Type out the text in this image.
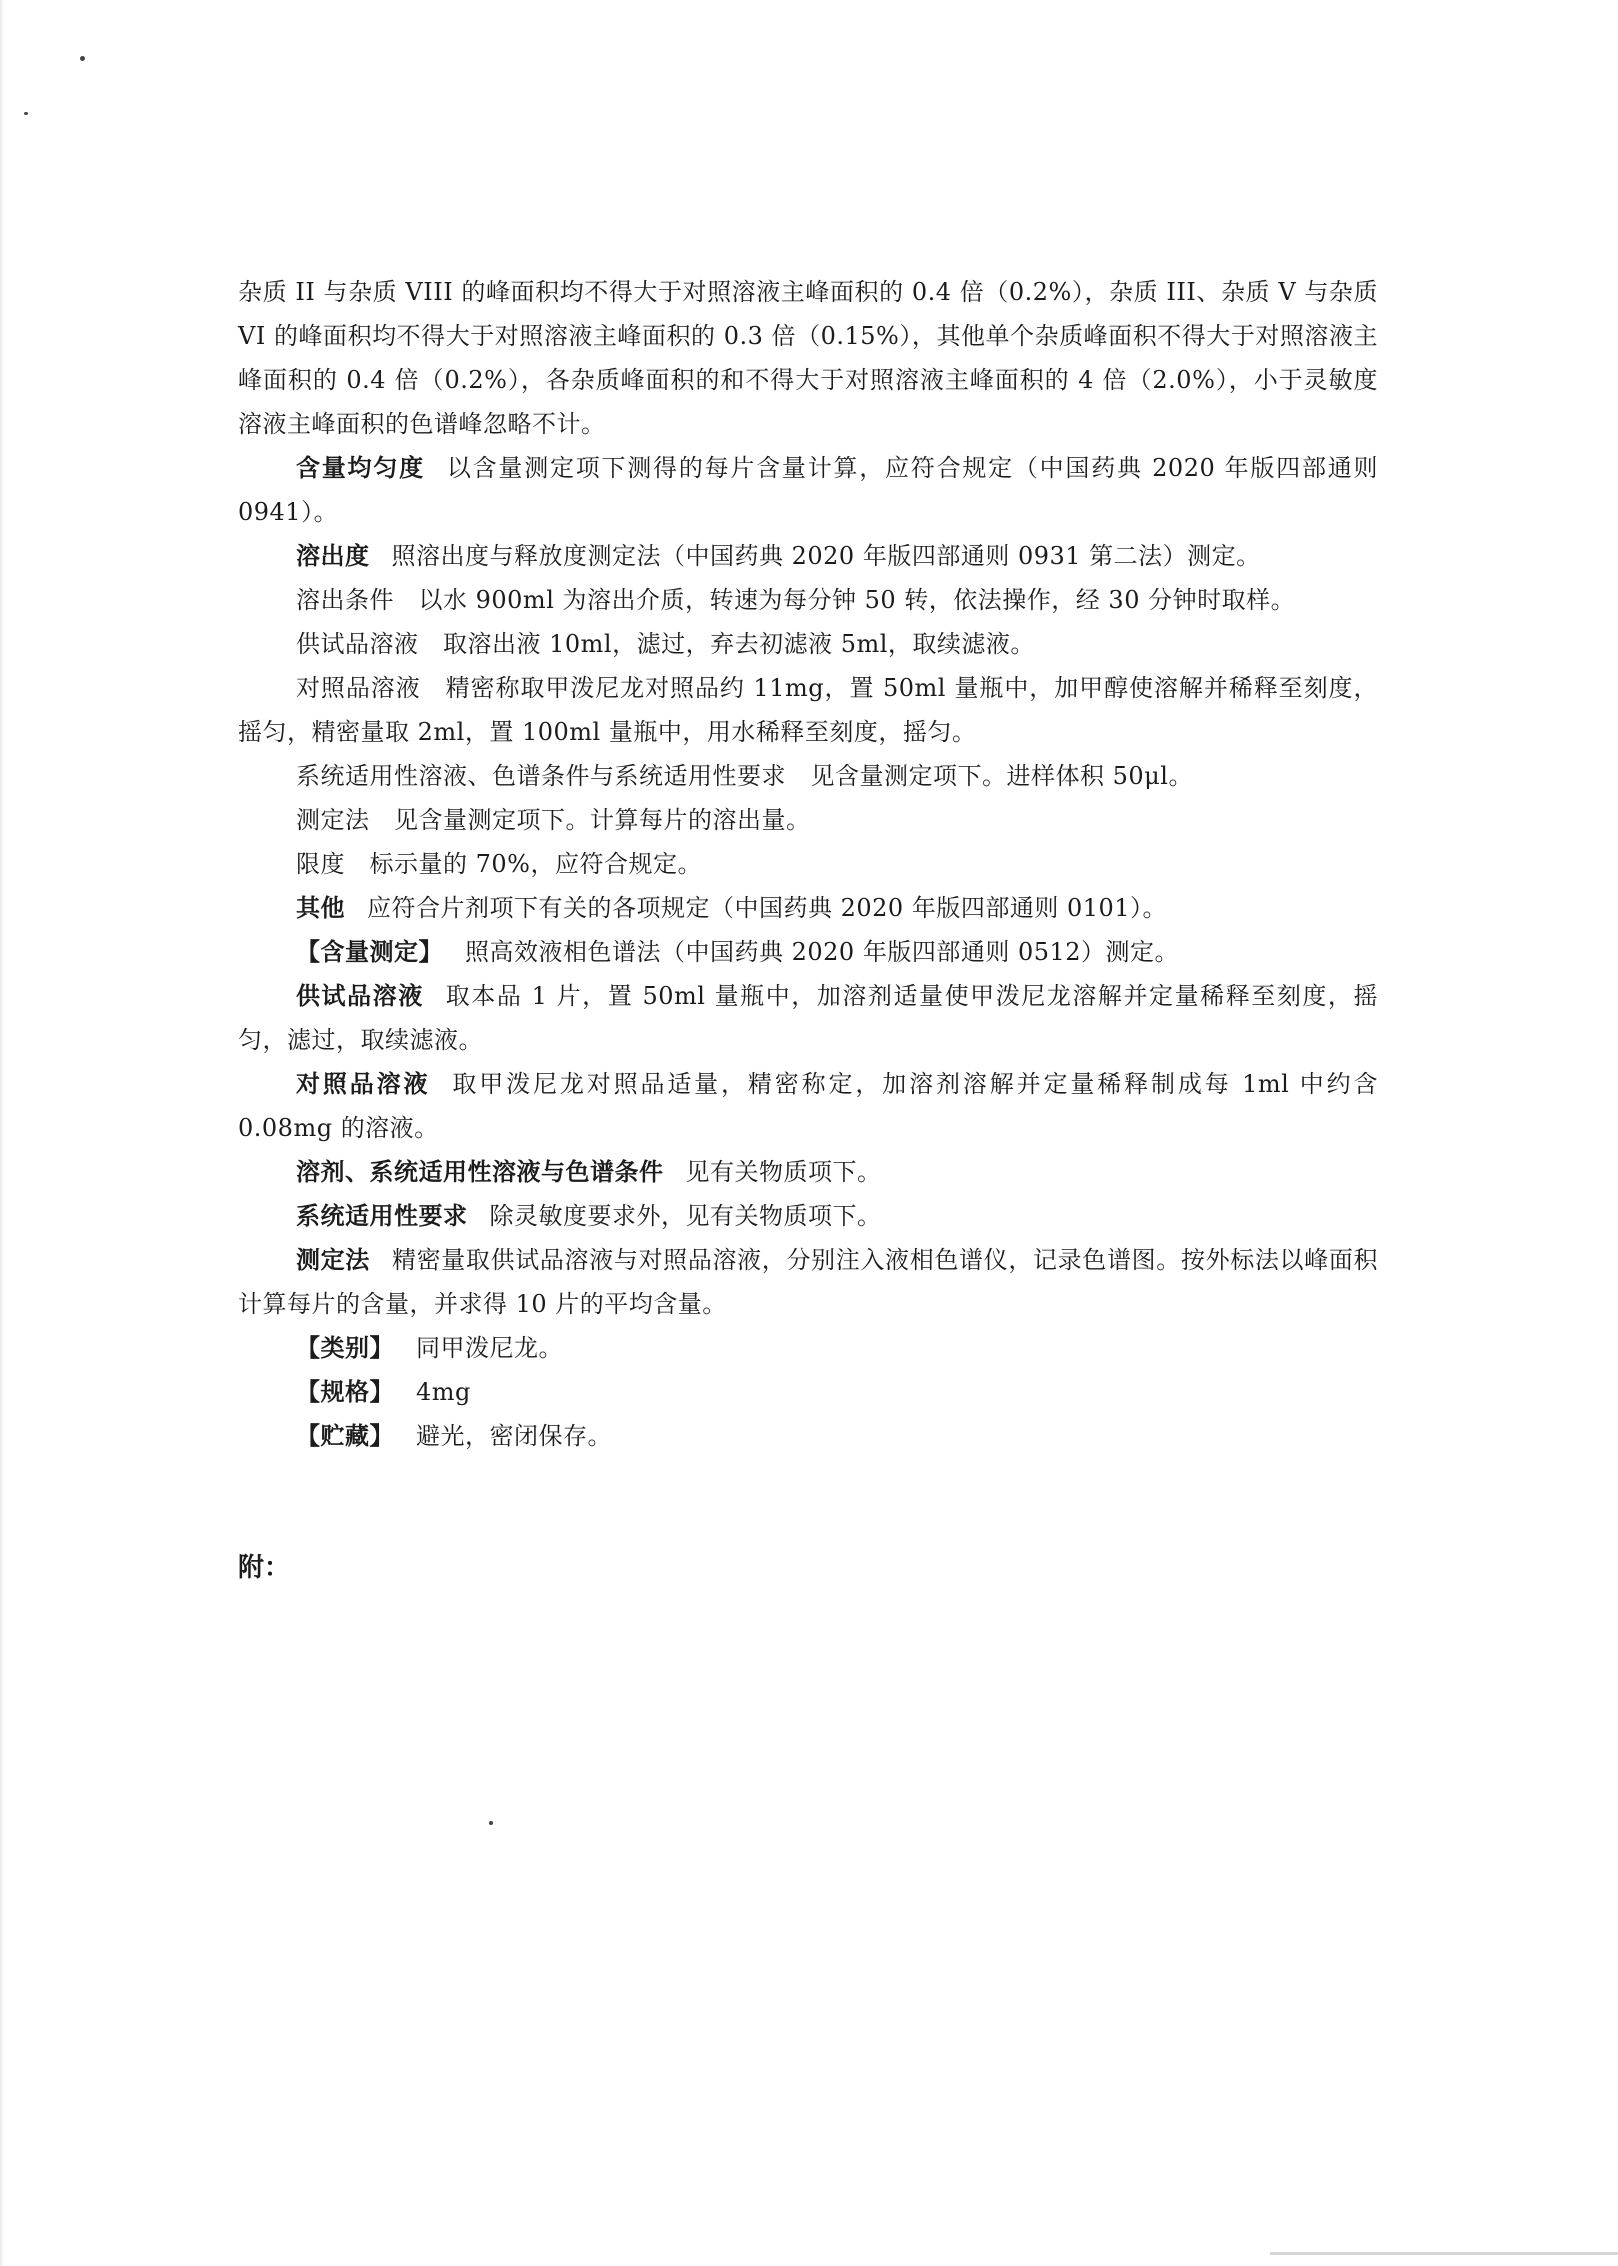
杂质 II 与杂质 VIII 的峰面积均不得大于对照溶液主峰面积的 0.4 倍（0.2%），杂质 III、杂质 V 与杂质 VI 的峰面积均不得大于对照溶液主峰面积的 0.3 倍（0.15%），其他单个杂质峰面积不得大于对照溶液主峰面积的 0.4 倍（0.2%），各杂质峰面积的和不得大于对照溶液主峰面积的 4 倍（2.0%），小于灵敏度溶液主峰面积的色谱峰忽略不计。

含量均匀度 以含量测定项下测得的每片含量计算，应符合规定（中国药典 2020 年版四部通则 0941）。

溶出度 照溶出度与释放度测定法（中国药典 2020 年版四部通则 0931 第二法）测定。

溶出条件　以水 900ml 为溶出介质，转速为每分钟 50 转，依法操作，经 30 分钟时取样。

供试品溶液　取溶出液 10ml，滤过，弃去初滤液 5ml，取续滤液。

对照品溶液　精密称取甲泼尼龙对照品约 11mg，置 50ml 量瓶中，加甲醇使溶解并稀释至刻度，摇匀，精密量取 2ml，置 100ml 量瓶中，用水稀释至刻度，摇匀。

系统适用性溶液、色谱条件与系统适用性要求　见含量测定项下。进样体积 50μl。

测定法　见含量测定项下。计算每片的溶出量。

限度　标示量的 70%，应符合规定。

其他 应符合片剂项下有关的各项规定（中国药典 2020 年版四部通则 0101）。

【含量测定】 照高效液相色谱法（中国药典 2020 年版四部通则 0512）测定。

供试品溶液 取本品 1 片，置 50ml 量瓶中，加溶剂适量使甲泼尼龙溶解并定量稀释至刻度，摇匀，滤过，取续滤液。

对照品溶液 取甲泼尼龙对照品适量，精密称定，加溶剂溶解并定量稀释制成每 1ml 中约含 0.08mg 的溶液。

溶剂、系统适用性溶液与色谱条件 见有关物质项下。

系统适用性要求 除灵敏度要求外，见有关物质项下。

测定法 精密量取供试品溶液与对照品溶液，分别注入液相色谱仪，记录色谱图。按外标法以峰面积计算每片的含量，并求得 10 片的平均含量。

【类别】 同甲泼尼龙。

【规格】 4mg

【贮藏】 避光，密闭保存。

附：
